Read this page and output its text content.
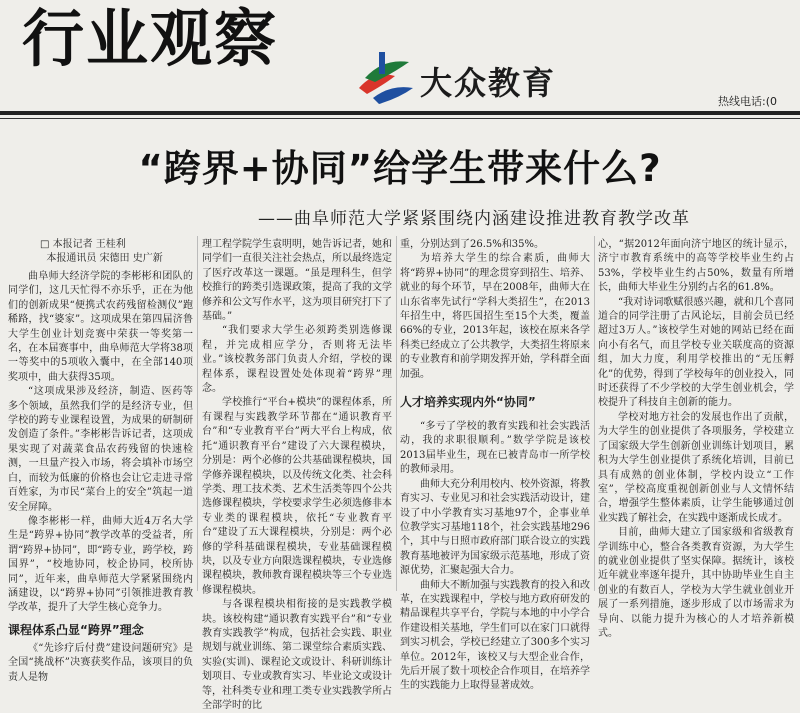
行业观察
大众教育	热线电话:(0
“跨界+协同”给学生带来什么?
——曲阜师范大学紧紧围绕内涵建设推进教育教学改革
□ 本报记者 王桂利
本报通讯员 宋德田 史广新

曲阜师大经济学院的李彬彬和团队的同学们，这几天忙得不亦乐乎，正在为他们的创新成果“便携式农药残留检测仪”跑稀路，找“婆家”。这项成果在第四届济鲁大学生创业计划竞赛中荣获一等奖第一名，在本届赛事中，曲阜师范大学将38项一等奖中的5项收入囊中，在全部140项奖项中，曲大获得35项。

“这项成果涉及经济，制造、医药等多个领域，虽然我们学的是经济专业，但学校的跨专业课程设置，为成果的研制研发创造了条件。”李彬彬告诉记者，这项成果实现了对蔬菜食品农药残留的快速检测，一旦量产投入市场，将会填补市场空白，而较为低廉的价格也会让它走进寻常百姓家，为市民“菜台上的安全”筑起一道安全屏障。

像李彬彬一样，曲师大近4万名大学生是“跨界+协同”教学改革的受益者，所谓“跨界+协同”，即“跨专业，跨学校，跨国界”，“校地协同，校企协同，校所协同”，近年来，曲阜师范大学紧紧围绕内涵建设，以“跨界+协同”引领推进教育教学改革，提升了大学生核心竞争力。

课程体系凸显“跨界”理念

《“先诊疗后付费”建设问题研究》是全国“挑战杯”决赛获奖作品，该项目的负责人是物

理工程学院学生袁明明，她告诉记者，她和同学们一直很关注社会热点，所以最终选定了医疗改革这一课题。“虽是理科生，但学校推行的跨类引选课政策，提高了我的文学修养和公文写作水平，这为项目研究打下了基础。”

“我们要求大学生必须跨类别选修课程，并完成相应学分，否则将无法毕业。”该校教务部门负责人介绍，学校的课程体系，课程设置处处体现着“跨界”理念。

学校推行“平台+模块”的课程体系，所有课程与实践教学环节都在“通识教育平台”和“专业教育平台”两大平台上构成，依托“通识教育平台”建设了六大课程模块，分别是：两个必修的公共基础课程模块，国学修养课程模块，以及传统文化类、社会科学类、理工技术类、艺术生活类等四个公共选修课程模块，学校要求学生必须选修非本专业类的课程模块，依托“专业教育平台”建设了五大课程模块，分别是：两个必修的学科基础课程模块，专业基础课程模块，以及专业方向限选课程模块，专业选修课程模块，教师教育课程模块等三个专业选修课程模块。

与各课程模块相衔接的是实践教学模块。该校构建“通识教育实践平台”和“专业教育实践教学”构成，包括社会实践、职业规划与就业训练、第二课堂综合素质实践、实验(实训)、课程论文或设计、科研训练计划项目、专业或教育实习、毕业论文或设计等，社科类专业和理工类专业实践教学所占全部学时的比

重，分别达到了26.5%和35%。

为培养大学生的综合素质，曲师大将“跨界+协同”的理念贯穿到招生、培养、就业的每个环节，早在2008年，曲师大在山东省率先试行“学科大类招生”，在2013年招生中，将匹国招生至15个大类，覆盖66%的专业，2013年起，该校在原来各学科类已经成立了公共教学，大类招生将原来的专业教育和前学期发挥开始，学科群全面加强。

人才培养实现内外“协同”

“多亏了学校的教育实践和社会实践活动，我的求职很顺利。”数学学院是该校2013届毕业生，现在已被青岛市一所学校的教师录用。

曲师大充分利用校内、校外资源，将教育实习、专业见习和社会实践活动设计，建设了中小学教育实习基地97个，企事业单位教学实习基地118个，社会实践基地296个，其中与日照市政府部门联合设立的实践教育基地被评为国家级示范基地，形成了资源优势，汇聚起强大合力。

曲师大不断加强与实践教育的投入和改革，在实践课程中，学校与地方政府研发的精品课程共享平台，学院与本地的中小学合作建设相关基地，学生们可以在家门口就得到实习机会，学校已经建立了300多个实习单位。2012年，该校又与大型企业合作，先后开展了数十项校企合作项目，在培养学生的实践能力上取得显著成效。

心，“据2012年面向济宁地区的统计显示，济宁市教育系统中的高等学校毕业生约占53%，学校毕业生约占50%，数量有所增长，曲师大毕业生分别约占名的61.8%。

“我对诗词歌赋很感兴趣，就和几个喜同道合的同学注册了古风论坛，目前会员已经超过3万人。”该校学生对她的网站已经在面向小有名气，而且学校专业关联度高的资源组，加大力度，利用学校推出的“无压孵化”的优势，得到了学校每年的创业投入，同时还获得了不少学校的大学生创业机会，学校提升了科技自主创新的能力。

学校对地方社会的发展也作出了贡献，为大学生的创业提供了各项服务，学校建立了国家级大学生创新创业训练计划项目，累积为大学生创业提供了系统化培训，目前已具有成熟的创业体制，学校内设立“工作室”，学校高度重视创新创业与人文情怀结合，增强学生整体素质，让学生能够通过创业实践了解社会，在实践中逐渐成长成才。

目前，曲师大建立了国家级和省级教育学训练中心，整合各类教育资源，为大学生的就业创业提供了坚实保障。据统计，该校近年就业率逐年提升，其中协助毕业生自主创业的有数百人，学校为大学生就业创业开展了一系列措施，逐步形成了以市场需求为导向、以能力提升为核心的人才培养新模式。
